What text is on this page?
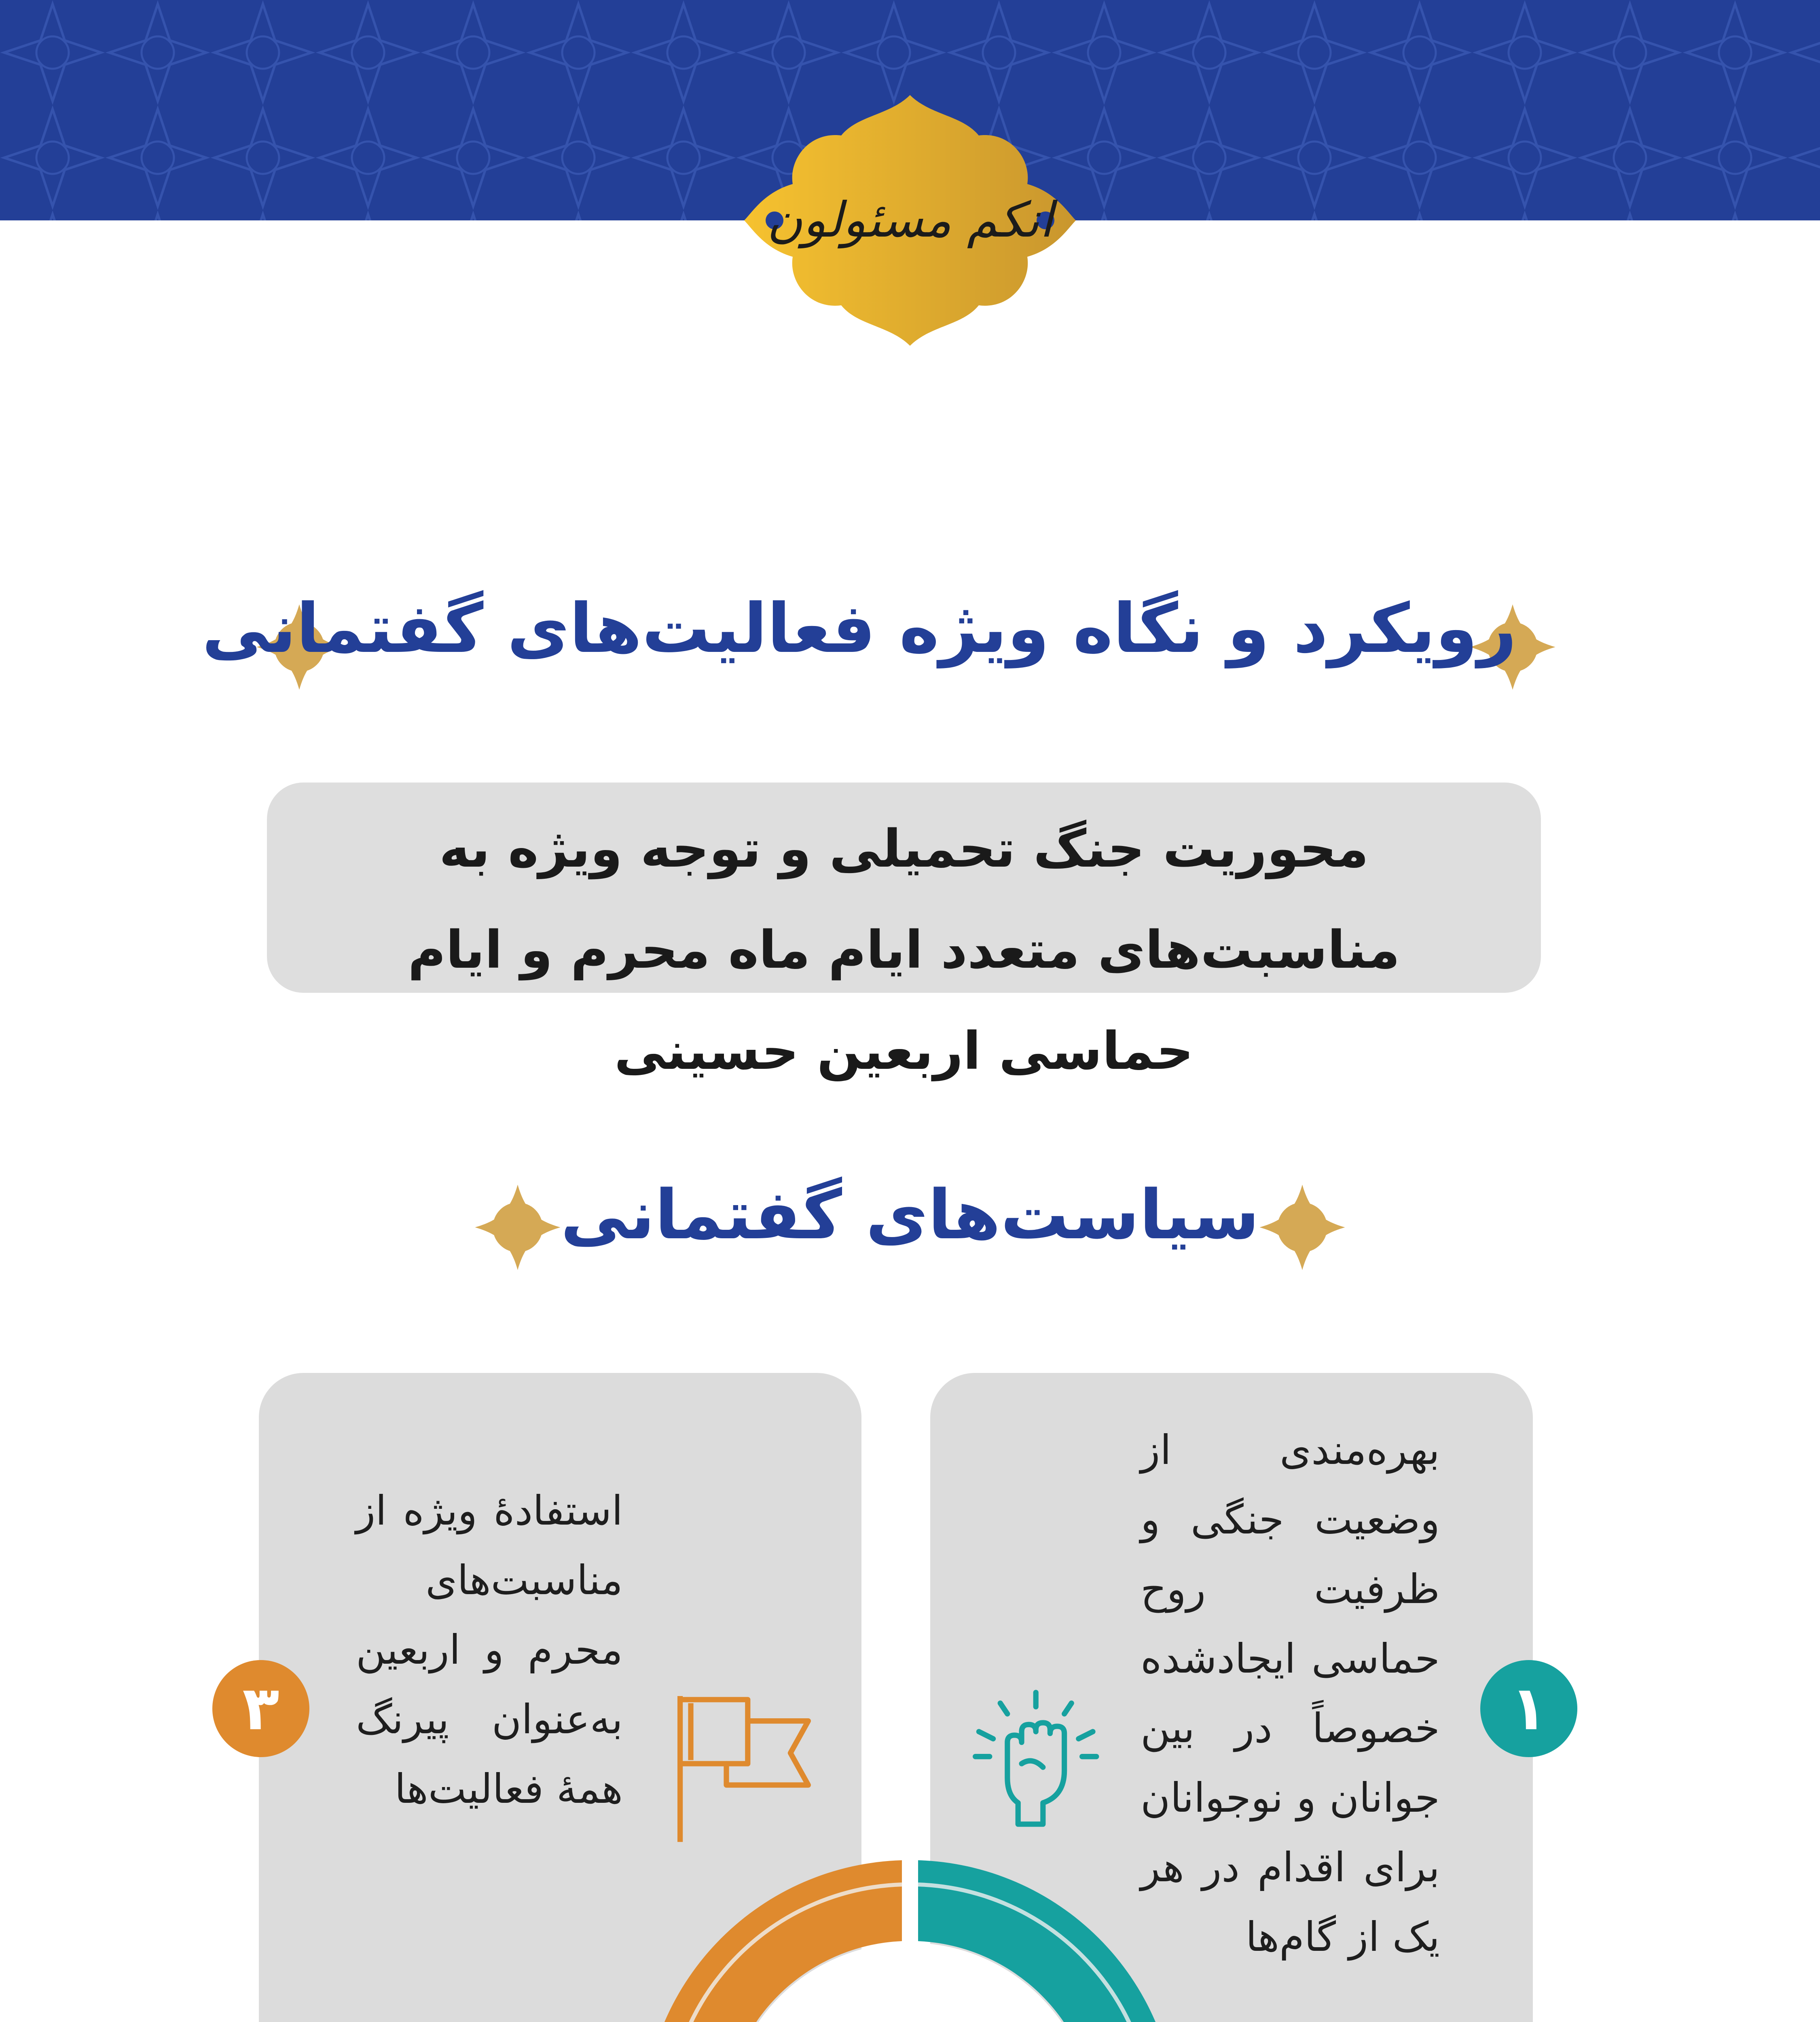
انکم مسئولون
رویکرد و نگاه ویژه فعالیت‌های گفتمانی
محوریت جنگ تحمیلی و توجه ویژه به مناسبت‌های متعدد ایام ماه محرم و ایام حماسی اربعین حسینی
سیاست‌های گفتمانی
بهره‌مندی از وضعیت جنگی و ظرفیت روح حماسی ایجادشده خصوصاً در بین جوانان و نوجوانان برای اقدام در هر یک از گام‌ها
استفادهٔ ویژه از مناسبت‌های محرم و اربعین به‌عنوان پیرنگ همهٔ فعالیت‌ها
۱
۳
